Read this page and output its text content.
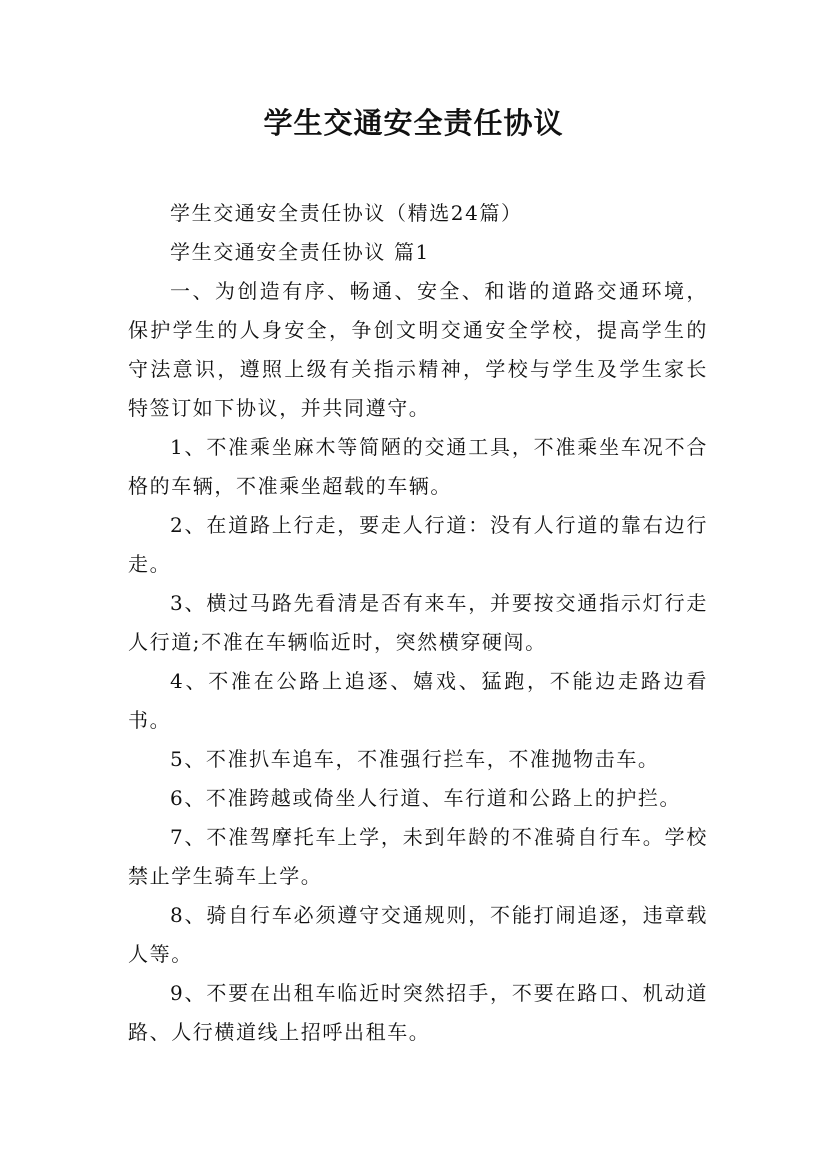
学生交通安全责任协议

学生交通安全责任协议（精选24篇）

学生交通安全责任协议 篇1

一、为创造有序、畅通、安全、和谐的道路交通环境，保护学生的人身安全，争创文明交通安全学校，提高学生的守法意识，遵照上级有关指示精神，学校与学生及学生家长特签订如下协议，并共同遵守。

1、不准乘坐麻木等简陋的交通工具，不准乘坐车况不合格的车辆，不准乘坐超载的车辆。

2、在道路上行走，要走人行道：没有人行道的靠右边行走。

3、横过马路先看清是否有来车，并要按交通指示灯行走人行道;不准在车辆临近时，突然横穿硬闯。

4、不准在公路上追逐、嬉戏、猛跑，不能边走路边看书。

5、不准扒车追车，不准强行拦车，不准抛物击车。

6、不准跨越或倚坐人行道、车行道和公路上的护拦。

7、不准驾摩托车上学，未到年龄的不准骑自行车。学校禁止学生骑车上学。

8、骑自行车必须遵守交通规则，不能打闹追逐，违章载人等。

9、不要在出租车临近时突然招手，不要在路口、机动道路、人行横道线上招呼出租车。
